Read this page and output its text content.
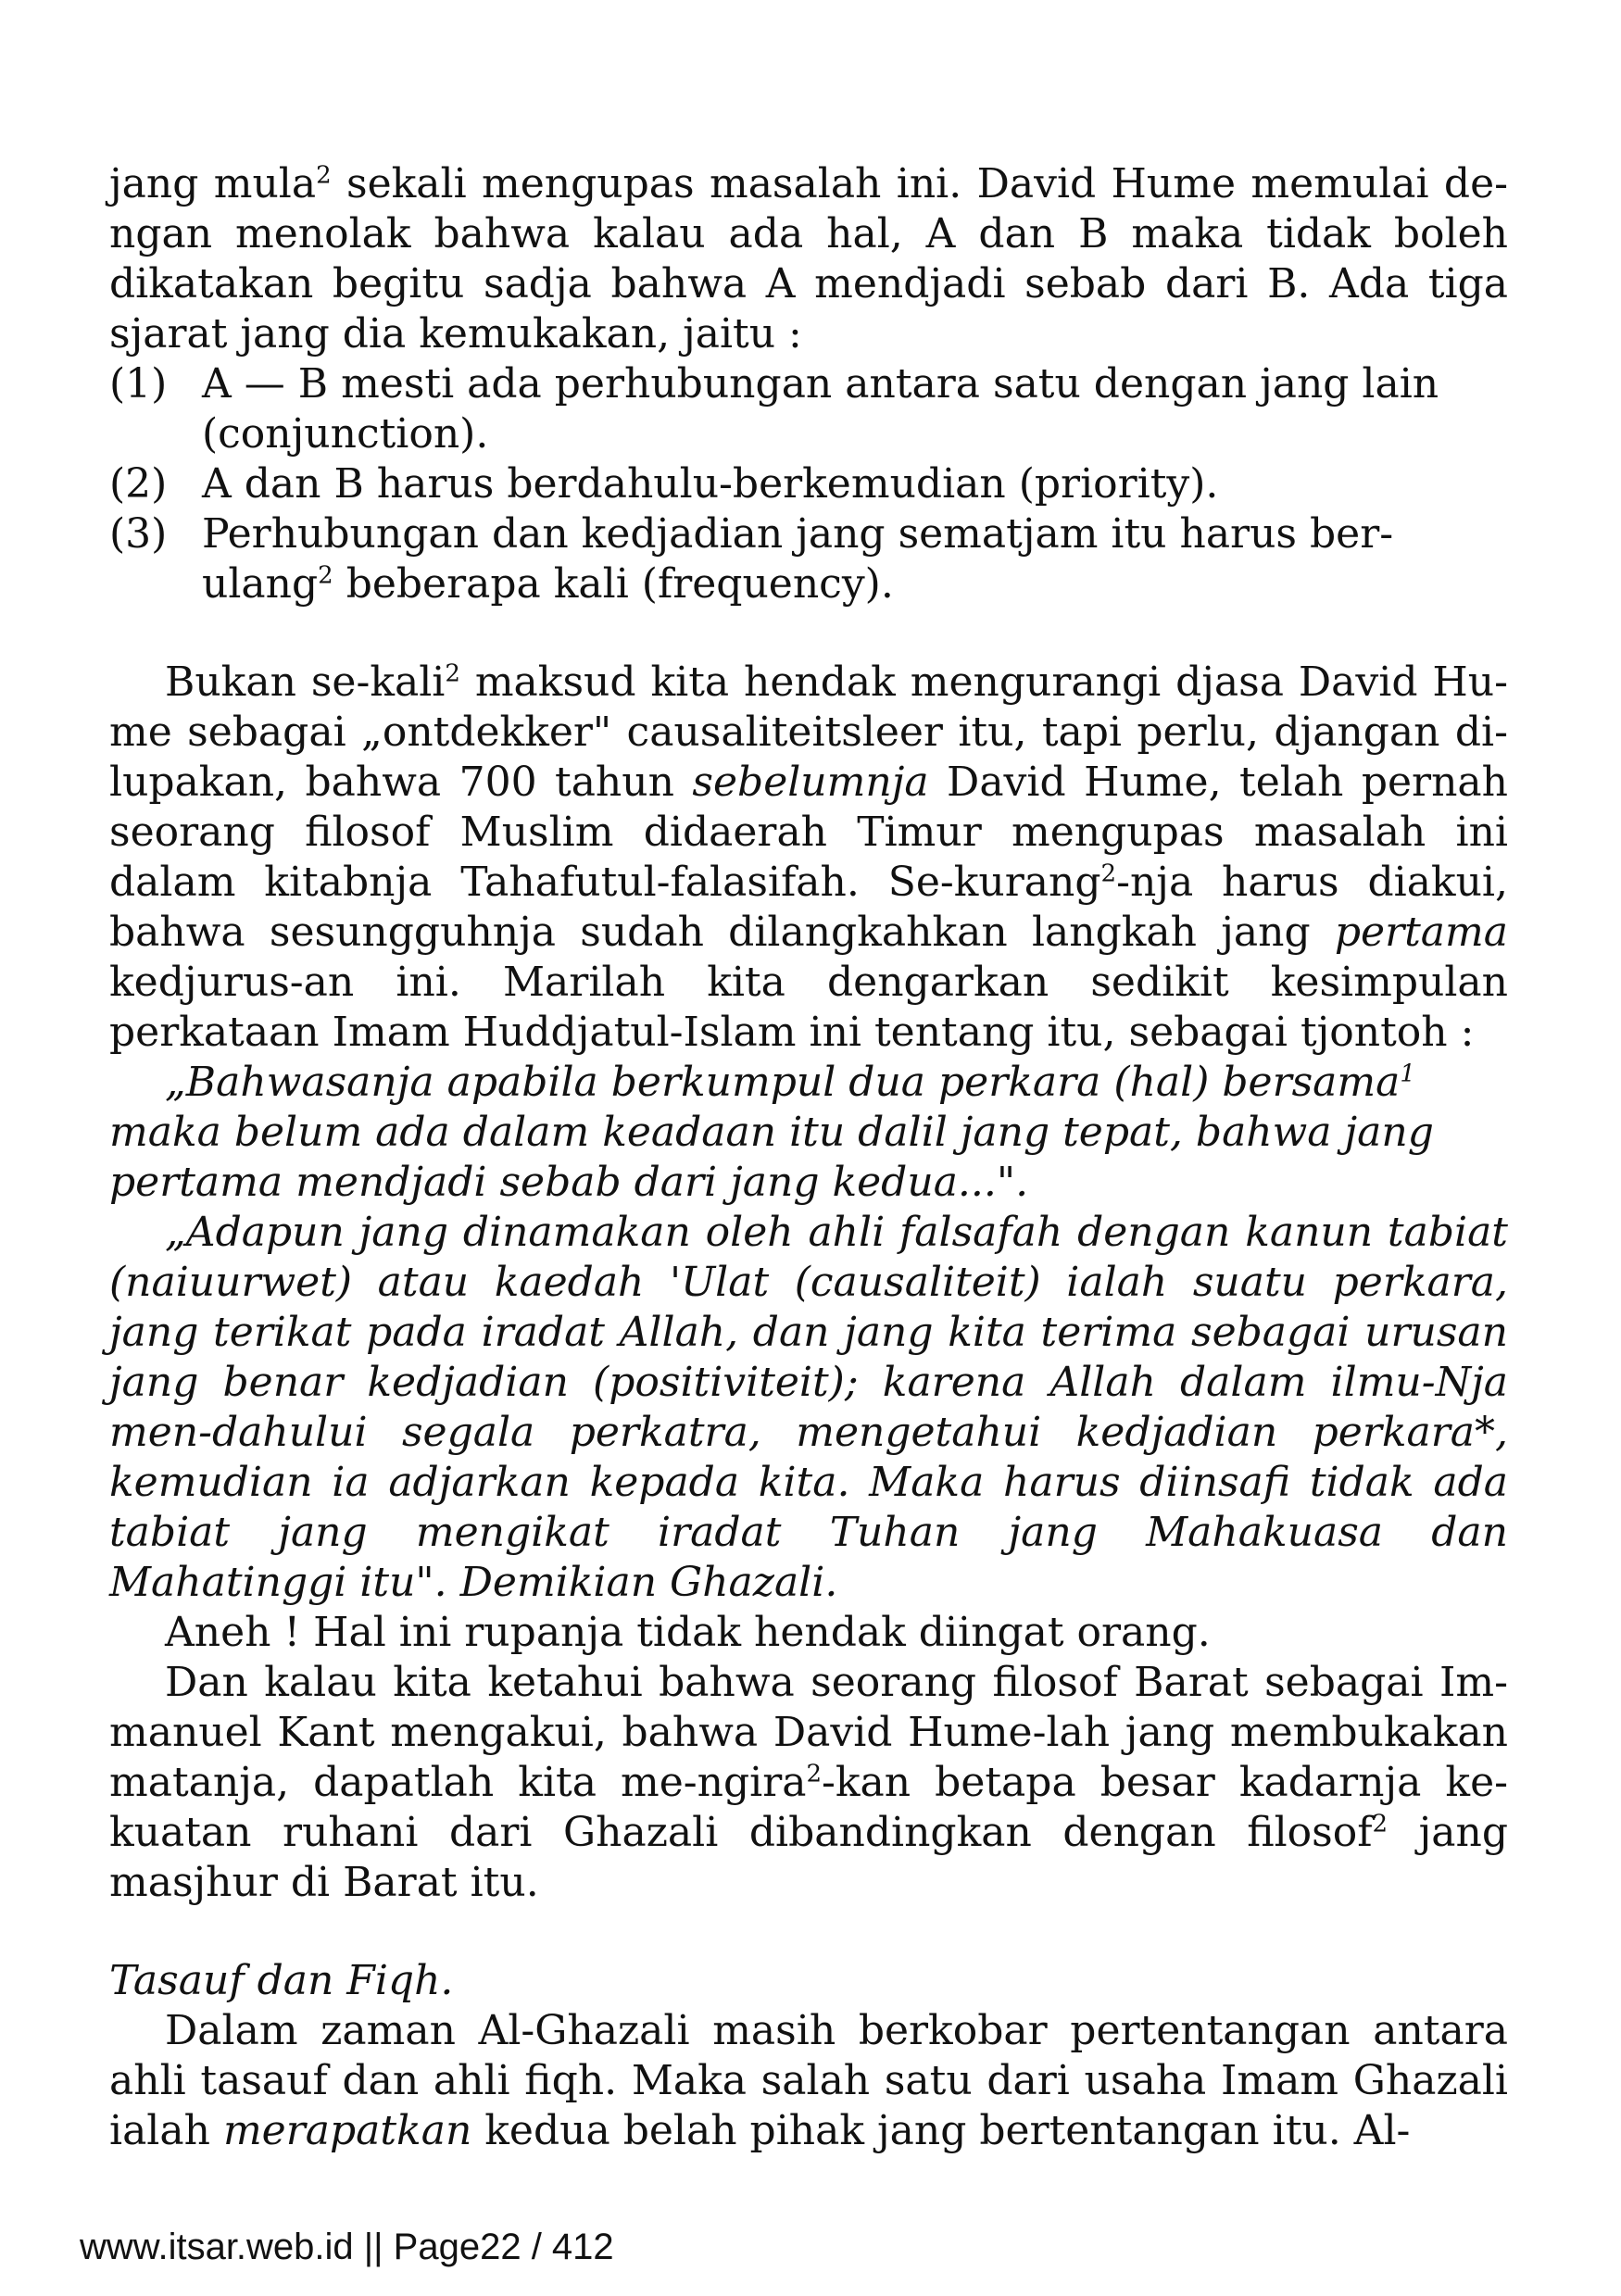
jang mula$^2$ sekali mengupas masalah ini. David Hume memulai de-ngan menolak bahwa kalau ada hal, A dan B maka tidak boleh dikatakan begitu sadja bahwa A mendjadi sebab dari B. Ada tiga sjarat jang dia kemukakan, jaitu :

(1) A — B mesti ada perhubungan antara satu dengan jang lain (conjunction).
(2) A dan B harus berdahulu-berkemudian (priority).
(3) Perhubungan dan kedjadian jang sematjam itu harus ber-ulang$^2$ beberapa kali (frequency).

Bukan se-kali$^2$ maksud kita hendak mengurangi djasa David Hu-me sebagai „ontdekker" causaliteitsleer itu, tapi perlu, djangan di-lupakan, bahwa 700 tahun sebelumnja David Hume, telah pernah seorang filosof Muslim didaerah Timur mengupas masalah ini dalam kitabnja Tahafutul-falasifah. Se-kurang$^2$-nja harus diakui, bahwa sesungguhnja sudah dilangkahkan langkah jang pertama kedjurus-an ini. Marilah kita dengarkan sedikit kesimpulan perkataan Imam Huddjatul-Islam ini tentang itu, sebagai tjontoh :

„Bahwasanja apabila berkumpul dua perkara (hal) bersama$^1$
maka belum ada dalam keadaan itu dalil jang tepat, bahwa jang
pertama mendjadi sebab dari jang kedua...".

„Adapun jang dinamakan oleh ahli falsafah dengan kanun tabiat (naiuurwet) atau kaedah 'Ulat (causaliteit) ialah suatu perkara, jang terikat pada iradat Allah, dan jang kita terima sebagai urusan jang benar kedjadian (positiviteit); karena Allah dalam ilmu-Nja men-dahului segala perkatra, mengetahui kedjadian perkara*, kemudian ia adjarkan kepada kita. Maka harus diinsafi tidak ada tabiat jang mengikat iradat Tuhan jang Mahakuasa dan Mahatinggi itu". Demikian Ghazali.

Aneh ! Hal ini rupanja tidak hendak diingat orang.

Dan kalau kita ketahui bahwa seorang filosof Barat sebagai Im-manuel Kant mengakui, bahwa David Hume-lah jang membukakan matanja, dapatlah kita me-ngira$^2$-kan betapa besar kadarnja ke-kuatan ruhani dari Ghazali dibandingkan dengan filosof$^2$ jang masjhur di Barat itu.

Tasauf dan Fiqh.

Dalam zaman Al-Ghazali masih berkobar pertentangan antara ahli tasauf dan ahli fiqh. Maka salah satu dari usaha Imam Ghazali ialah merapatkan kedua belah pihak jang bertentangan itu. Al-

www.itsar.web.id || Page22 / 412
